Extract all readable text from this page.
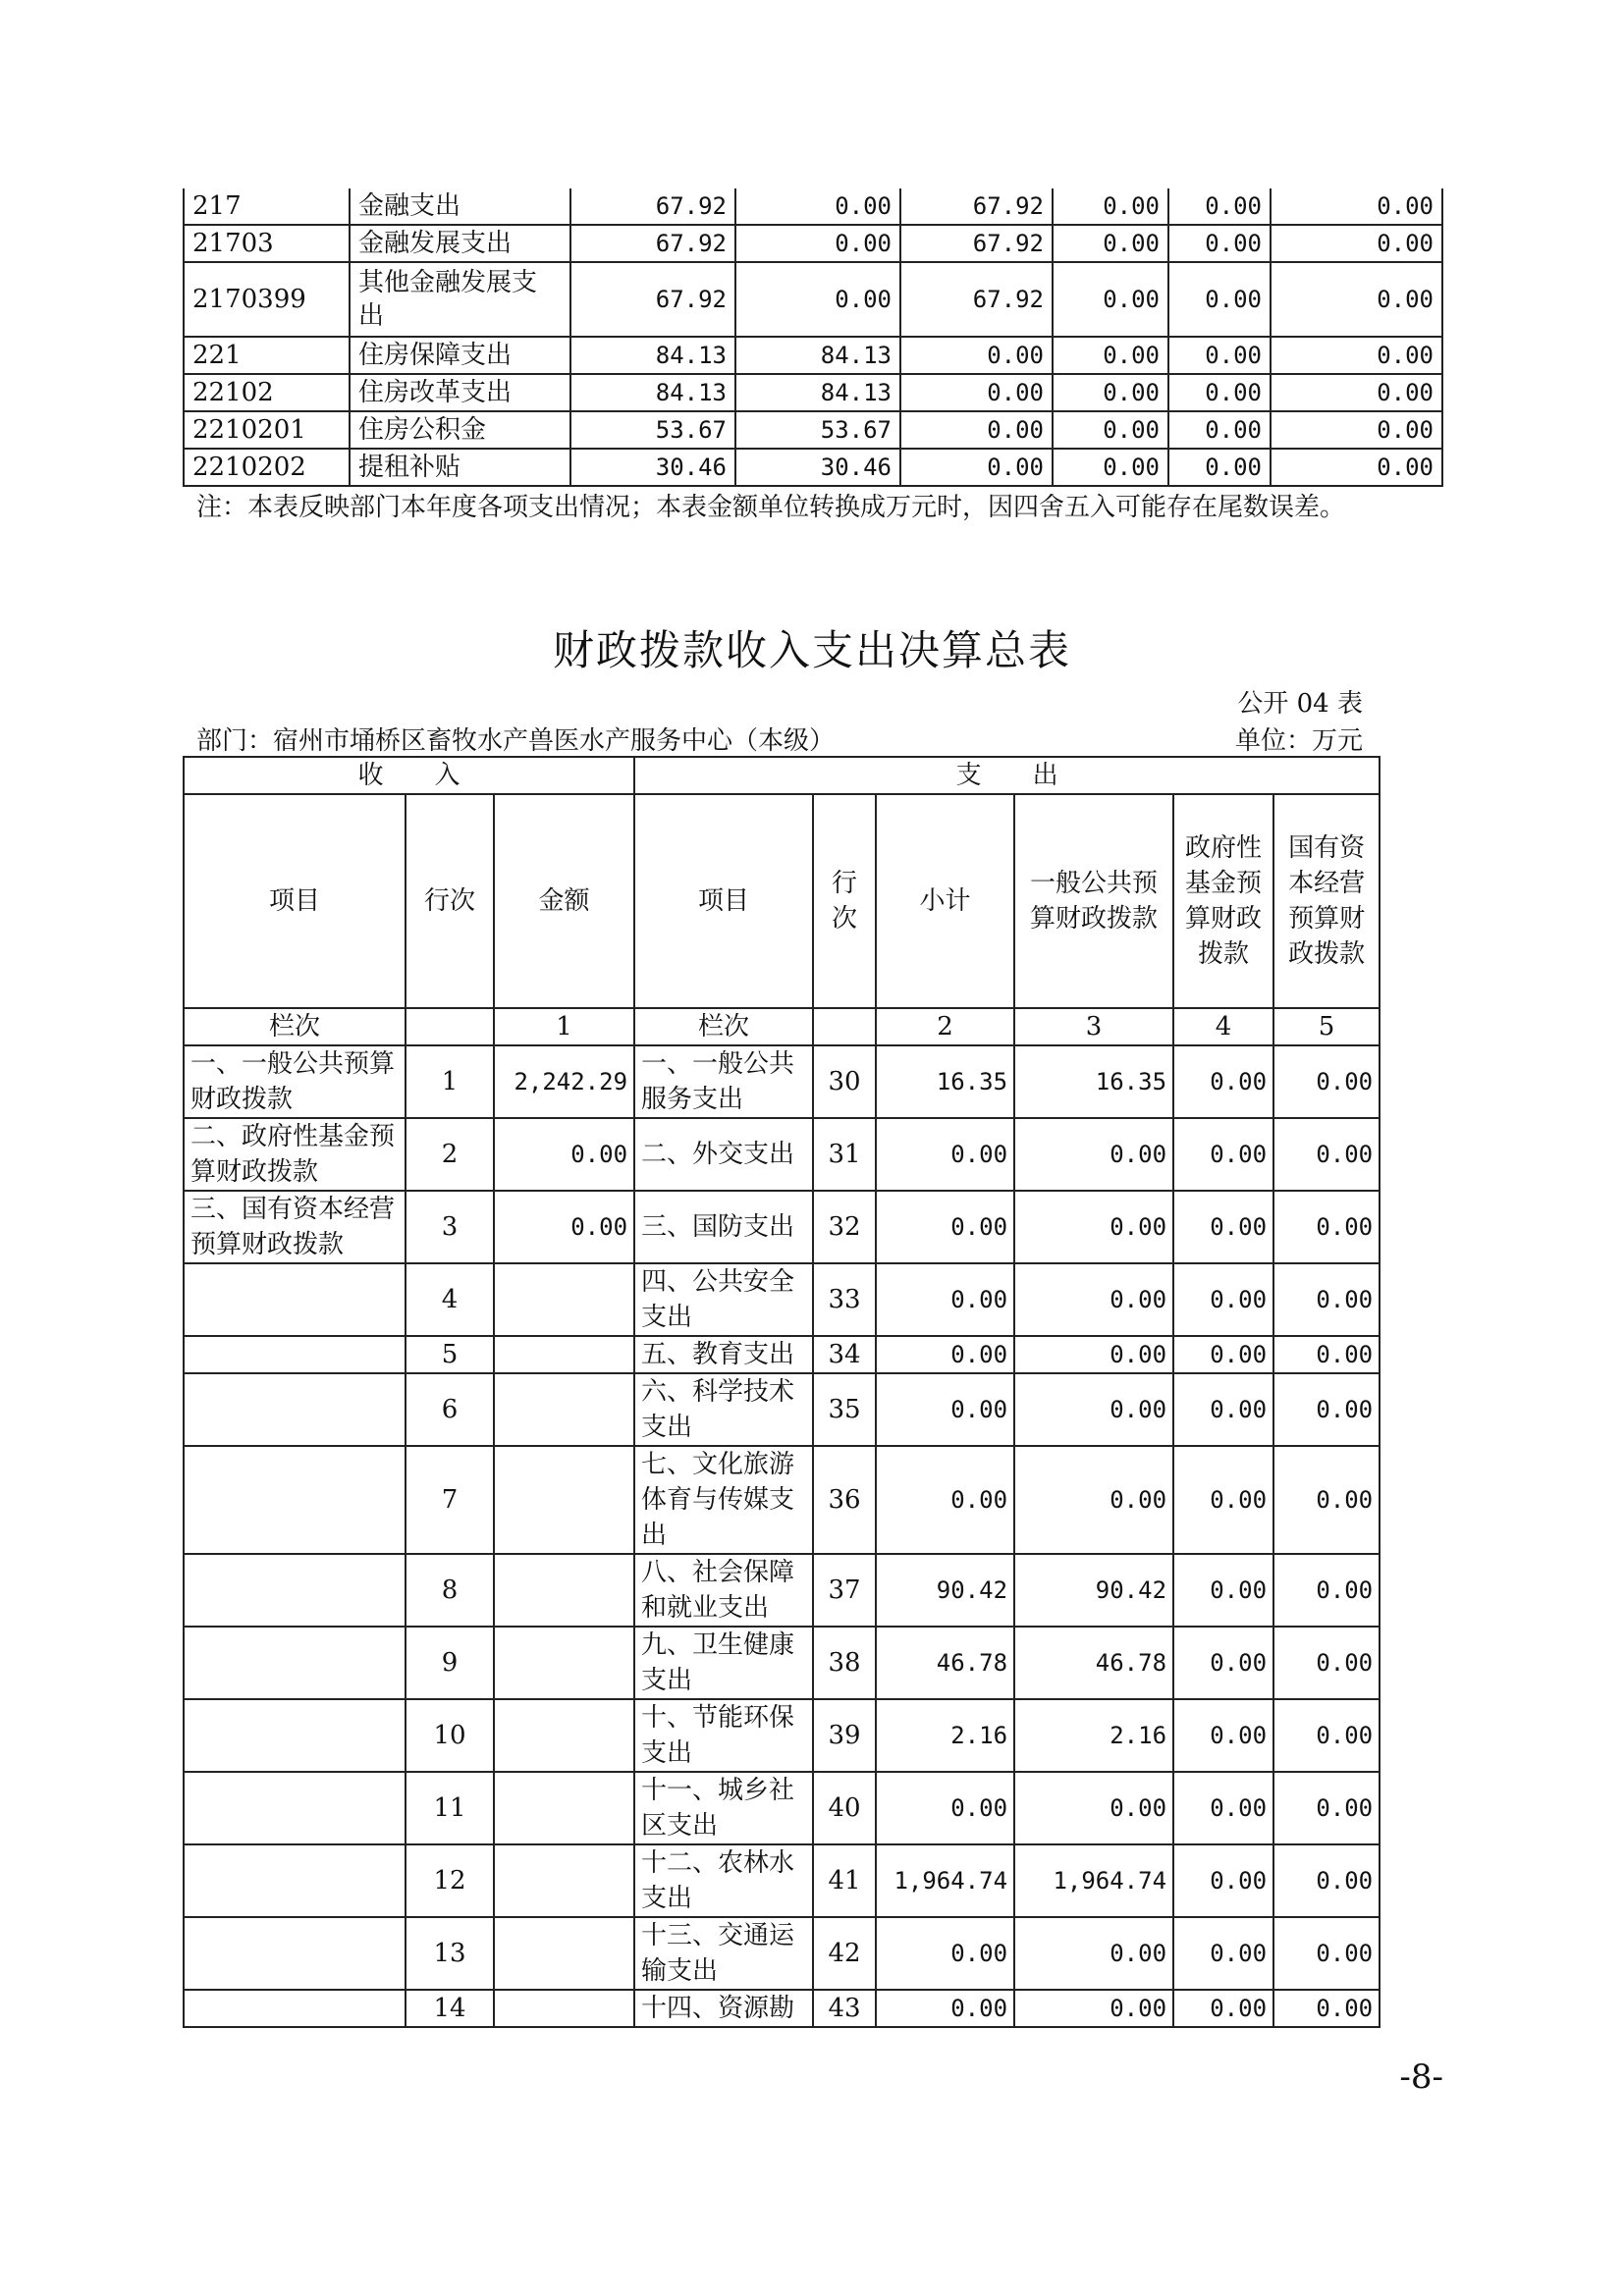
217	金融支出	67.92	0.00	67.92	0.00	0.00	0.00
21703	金融发展支出	67.92	0.00	67.92	0.00	0.00	0.00
2170399	其他金融发展支出	67.92	0.00	67.92	0.00	0.00	0.00
221	住房保障支出	84.13	84.13	0.00	0.00	0.00	0.00
22102	住房改革支出	84.13	84.13	0.00	0.00	0.00	0.00
2210201	住房公积金	53.67	53.67	0.00	0.00	0.00	0.00
2210202	提租补贴	30.46	30.46	0.00	0.00	0.00	0.00
注：本表反映部门本年度各项支出情况；本表金额单位转换成万元时，因四舍五入可能存在尾数误差。
财政拨款收入支出决算总表
公开 04 表
部门：宿州市埇桥区畜牧水产兽医水产服务中心（本级）	单位：万元
收　　入			支　　出					
项目	行次	金额	项目	行次	小计	一般公共预算财政拨款	政府性基金预算财政拨款	国有资本经营预算财政拨款
栏次		1	栏次		2	3	4	5
一、一般公共预算财政拨款	1	2,242.29	一、一般公共服务支出	30	16.35	16.35	0.00	0.00
二、政府性基金预算财政拨款	2	0.00	二、外交支出	31	0.00	0.00	0.00	0.00
三、国有资本经营预算财政拨款	3	0.00	三、国防支出	32	0.00	0.00	0.00	0.00
	4		四、公共安全支出	33	0.00	0.00	0.00	0.00
	5		五、教育支出	34	0.00	0.00	0.00	0.00
	6		六、科学技术支出	35	0.00	0.00	0.00	0.00
	7		七、文化旅游体育与传媒支出	36	0.00	0.00	0.00	0.00
	8		八、社会保障和就业支出	37	90.42	90.42	0.00	0.00
	9		九、卫生健康支出	38	46.78	46.78	0.00	0.00
	10		十、节能环保支出	39	2.16	2.16	0.00	0.00
	11		十一、城乡社区支出	40	0.00	0.00	0.00	0.00
	12		十二、农林水支出	41	1,964.74	1,964.74	0.00	0.00
	13		十三、交通运输支出	42	0.00	0.00	0.00	0.00
	14		十四、资源勘	43	0.00	0.00	0.00	0.00
-8-
